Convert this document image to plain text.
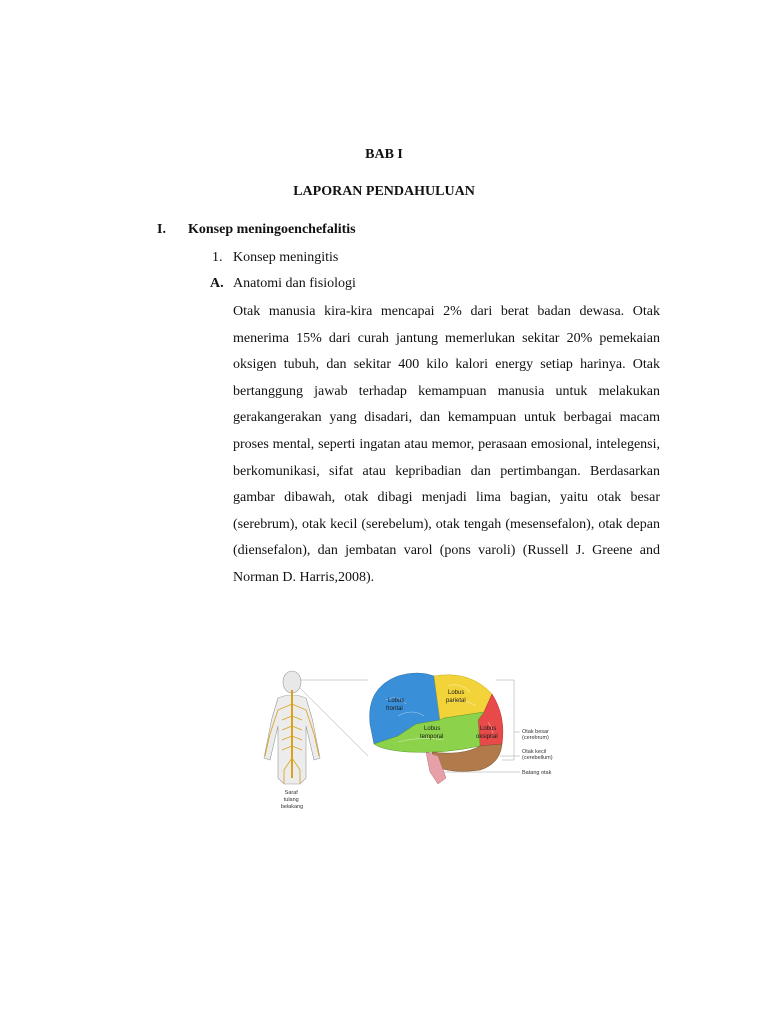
BAB I
LAPORAN PENDAHULUAN
I. Konsep meningoenchefalitis
1. Konsep meningitis
A. Anatomi dan fisiologi

Otak manusia kira-kira mencapai 2% dari berat badan dewasa. Otak menerima 15% dari curah jantung memerlukan sekitar 20% pemekaian oksigen tubuh, dan sekitar 400 kilo kalori energy setiap harinya. Otak bertanggung jawab terhadap kemampuan manusia untuk melakukan gerakangerakan yang disadari, dan kemampuan untuk berbagai macam proses mental, seperti ingatan atau memor, perasaan emosional, intelegensi, berkomunikasi, sifat atau kepribadian dan pertimbangan. Berdasarkan gambar dibawah, otak dibagi menjadi lima bagian, yaitu otak besar (serebrum), otak kecil (serebelum), otak tengah (mesensefalon), otak depan (diensefalon), dan jembatan varol (pons varoli) (Russell J. Greene and Norman D. Harris,2008).

Saraf tulang belakang
Lobus frontal
Lobus parietal
Lobus temporal
Lobus oksipital
Otak besar (cerebrum)
Otak kecil (cerebellum)
Batang otak
